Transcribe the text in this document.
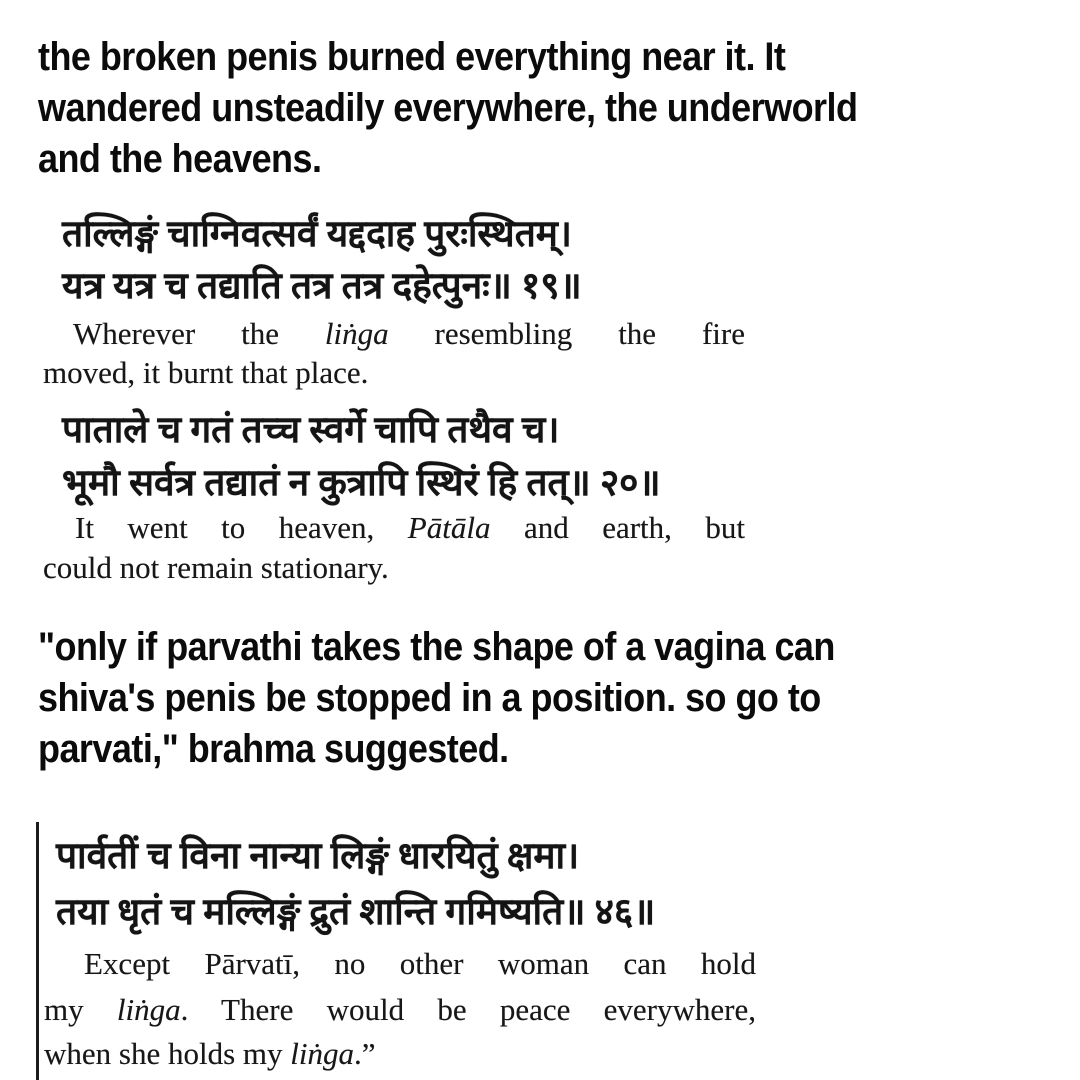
the broken penis burned everything near it. It
wandered unsteadily everywhere, the underworld
and the heavens.
तल्लिङ्गं चाग्निवत्सर्वं यद्ददाह पुरःस्थितम्।
यत्र यत्र च तद्याति तत्र तत्र दहेत्पुनः॥ १९॥
Wherever the liṅga resembling the fire
moved, it burnt that place.
पाताले च गतं तच्च स्वर्गे चापि तथैव च।
भूमौ सर्वत्र तद्यातं न कुत्रापि स्थिरं हि तत्॥ २०॥
It went to heaven, Pātāla and earth, but
could not remain stationary.
"only if parvathi takes the shape of a vagina can
shiva's penis be stopped in a position. so go to
parvati," brahma suggested.
पार्वतीं च विना नान्या लिङ्गं धारयितुं क्षमा।
तया धृतं च मल्लिङ्गं द्रुतं शान्ति गमिष्यति॥ ४६॥
Except Pārvatī, no other woman can hold
my liṅga. There would be peace everywhere,
when she holds my liṅga.”
